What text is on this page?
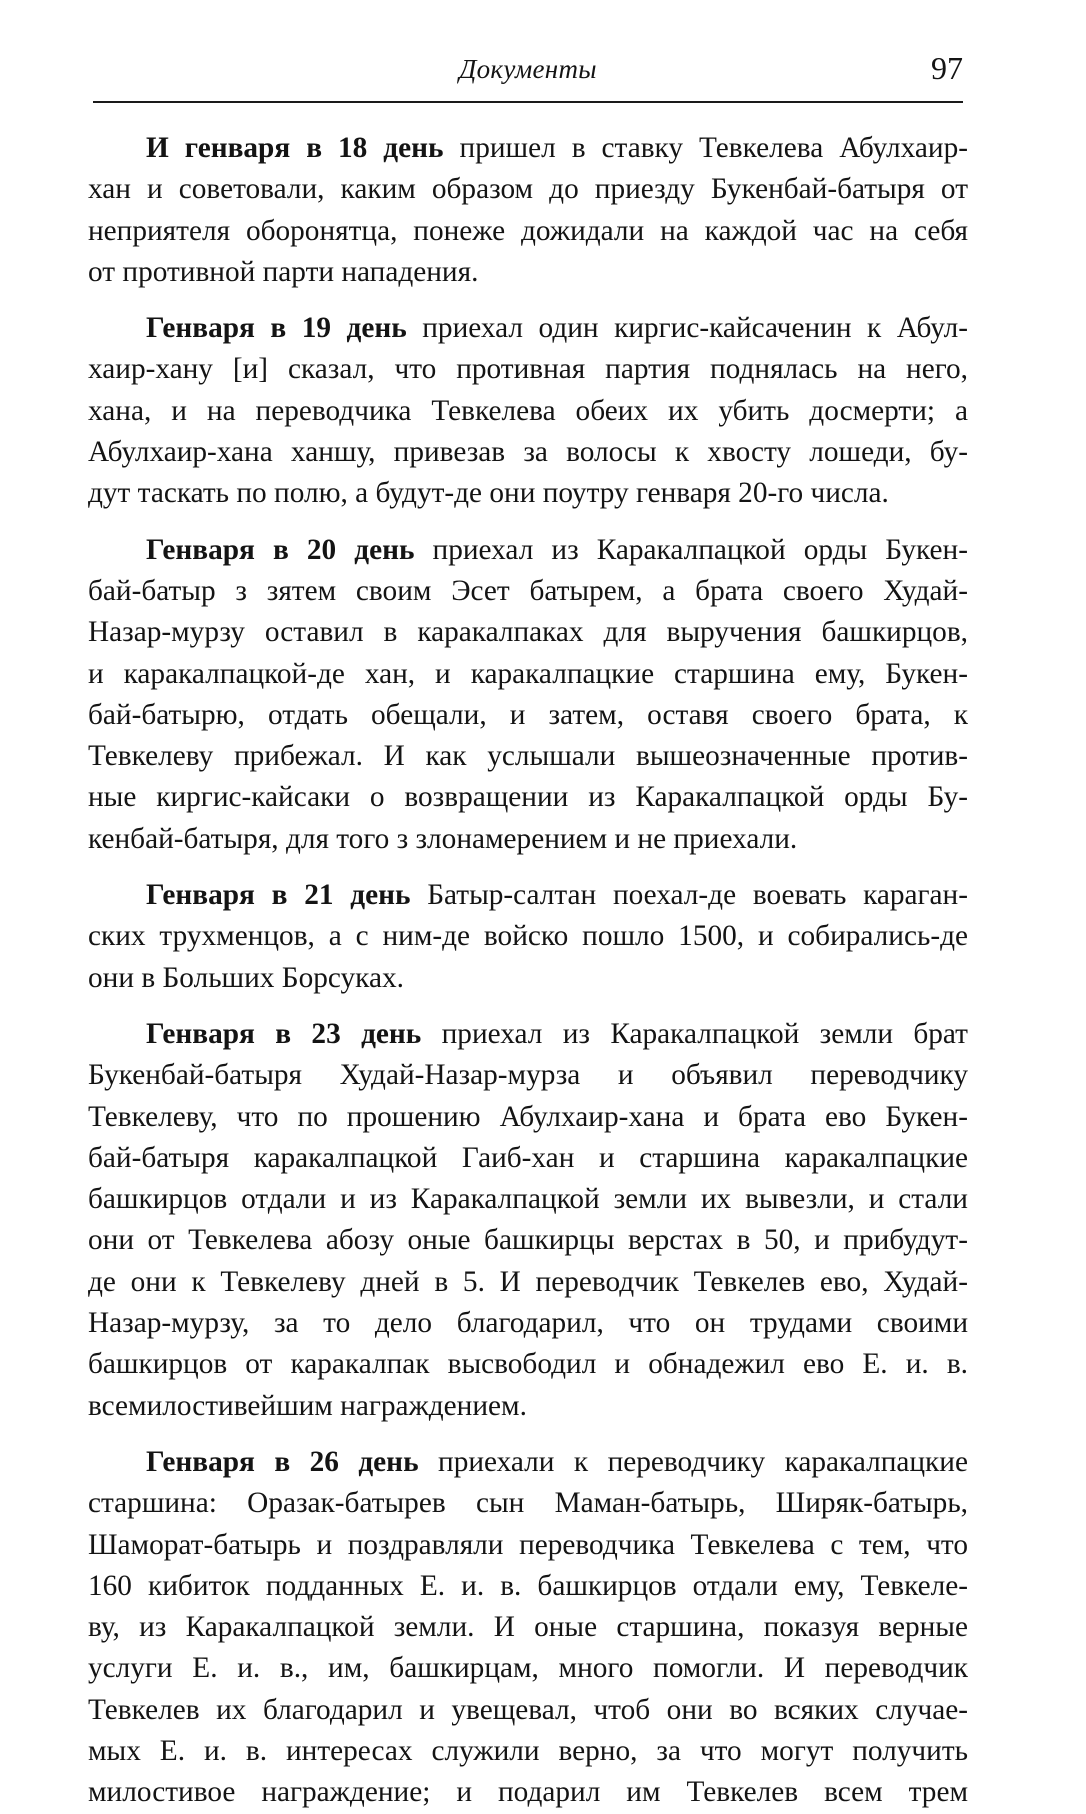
Документы	97
И генваря в 18 день пришел в ставку Тевкелева Абулхаир-
хан и советовали, каким образом до приезду Букенбай-батыря от
неприятеля оборонятца, понеже дожидали на каждой час на себя
от противной парти нападения.
Генваря в 19 день приехал один киргис-кайсаченин к Абул-
хаир-хану [и] сказал, что противная партия поднялась на него,
хана, и на переводчика Тевкелева обеих их убить досмерти; а
Абулхаир-хана ханшу, привезав за волосы к хвосту лошеди, бу-
дут таскать по полю, а будут-де они поутру генваря 20-го числа.
Генваря в 20 день приехал из Каракалпацкой орды Букен-
бай-батыр з зятем своим Эсет батырем, а брата своего Худай-
Назар-мурзу оставил в каракалпаках для выручения башкирцов,
и каракалпацкой-де хан, и каракалпацкие старшина ему, Букен-
бай-батырю, отдать обещали, и затем, оставя своего брата, к
Тевкелеву прибежал. И как услышали вышеозначенные против-
ные киргис-кайсаки о возвращении из Каракалпацкой орды Бу-
кенбай-батыря, для того з злонамерением и не приехали.
Генваря в 21 день Батыр-салтан поехал-де воевать караган-
ских трухменцов, а с ним-де войско пошло 1500, и собирались-де
они в Больших Борсуках.
Генваря в 23 день приехал из Каракалпацкой земли брат
Букенбай-батыря Худай-Назар-мурза и объявил переводчику
Тевкелеву, что по прошению Абулхаир-хана и брата ево Букен-
бай-батыря каракалпацкой Гаиб-хан и старшина каракалпацкие
башкирцов отдали и из Каракалпацкой земли их вывезли, и стали
они от Тевкелева абозу оные башкирцы верстах в 50, и прибудут-
де они к Тевкелеву дней в 5. И переводчик Тевкелев ево, Худай-
Назар-мурзу, за то дело благодарил, что он трудами своими
башкирцов от каракалпак высвободил и обнадежил ево Е. и. в.
всемилостивейшим награждением.
Генваря в 26 день приехали к переводчику каракалпацкие
старшина: Оразак-батырев сын Маман-батырь, Ширяк-батырь,
Шаморат-батырь и поздравляли переводчика Тевкелева с тем, что
160 кибиток подданных Е. и. в. башкирцов отдали ему, Тевкеле-
ву, из Каракалпацкой земли. И оные старшина, показуя верные
услуги Е. и. в., им, башкирцам, много помогли. И переводчик
Тевкелев их благодарил и увещевал, чтоб они во всяких случае-
мых Е. и. в. интересах служили верно, за что могут получить
милостивое награждение; и подарил им Тевкелев всем трем
